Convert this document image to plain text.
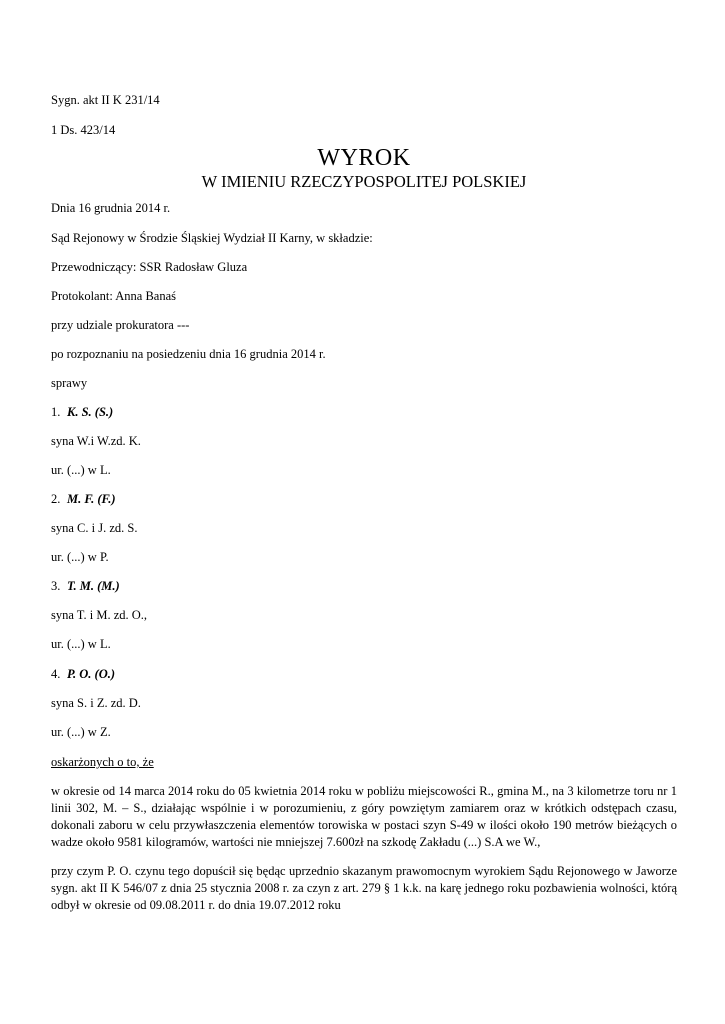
Sygn. akt II K 231/14
1 Ds. 423/14
WYROK
W IMIENIU RZECZYPOSPOLITEJ POLSKIEJ
Dnia 16 grudnia 2014 r.
Sąd Rejonowy w Środzie Śląskiej Wydział II Karny, w składzie:
Przewodniczący: SSR Radosław Gluza
Protokolant: Anna Banaś
przy udziale prokuratora ---
po rozpoznaniu na posiedzeniu dnia 16 grudnia 2014 r.
sprawy
1. K. S. (S.)
syna W.i W.zd. K.
ur. (...) w L.
2. M. F. (F.)
syna C. i J. zd. S.
ur. (...) w P.
3. T. M. (M.)
syna T. i M. zd. O.,
ur. (...) w L.
4. P. O. (O.)
syna S. i Z. zd. D.
ur. (...) w Z.
oskarżonych o to, że
w okresie od 14 marca 2014 roku do 05 kwietnia 2014 roku w pobliżu miejscowości R., gmina M., na 3 kilometrze toru nr 1 linii 302, M. – S., działając wspólnie i w porozumieniu, z góry powziętym zamiarem oraz w krótkich odstępach czasu, dokonali zaboru w celu przywłaszczenia elementów torowiska w postaci szyn S-49 w ilości około 190 metrów bieżących o wadze około 9581 kilogramów, wartości nie mniejszej 7.600zł na szkodę Zakładu (...) S.A we W.,
przy czym P. O. czynu tego dopuścił się będąc uprzednio skazanym prawomocnym wyrokiem Sądu Rejonowego w Jaworze sygn. akt II K 546/07 z dnia 25 stycznia 2008 r. za czyn z art. 279 § 1 k.k. na karę jednego roku pozbawienia wolności, którą odbył w okresie od 09.08.2011 r. do dnia 19.07.2012 roku
